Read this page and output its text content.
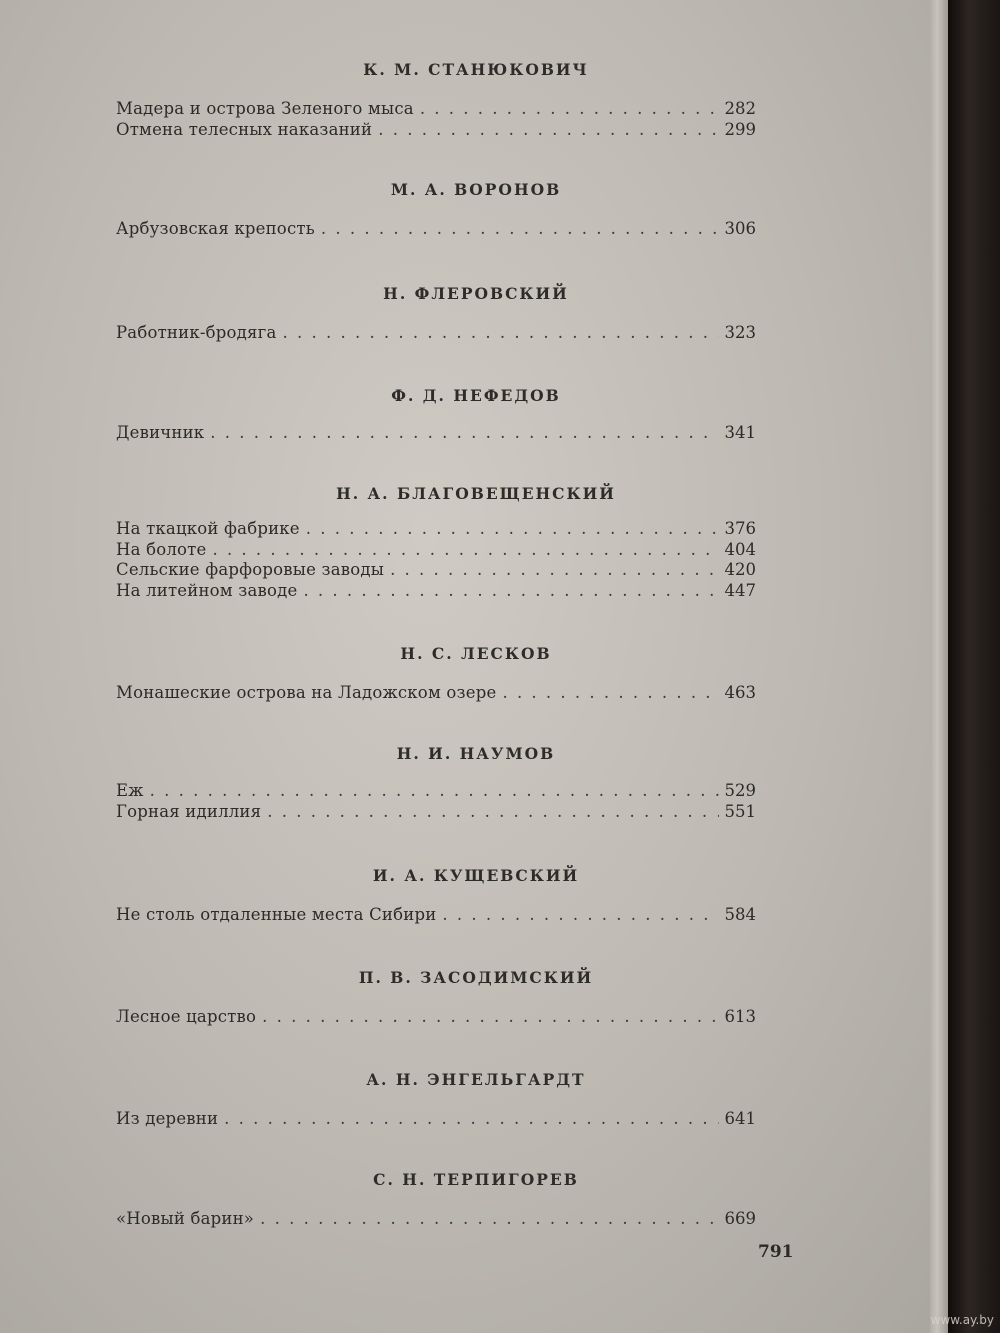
К. М. СТАНЮКОВИЧ

Мадера и острова Зеленого мыса . . .	282
Отмена телесных наказаний . . .	299

М. А. ВОРОНОВ

Арбузовская крепость . . .	306

Н. ФЛЕРОВСКИЙ

Работник-бродяга . . .	323

Ф. Д. НЕФЕДОВ

Девичник . . .	341

Н. А. БЛАГОВЕЩЕНСКИЙ

На ткацкой фабрике . . .	376
На болоте . . .	404
Сельские фарфоровые заводы . . .	420
На литейном заводе . . .	447

Н. С. ЛЕСКОВ

Монашеские острова на Ладожском озере . . .	463

Н. И. НАУМОВ

Еж . . .	529
Горная идиллия . . .	551

И. А. КУЩЕВСКИЙ

Не столь отдаленные места Сибири . . .	584

П. В. ЗАСОДИМСКИЙ

Лесное царство . . .	613

А. Н. ЭНГЕЛЬГАРДТ

Из деревни . . .	641

С. Н. ТЕРПИГОРЕВ

«Новый барин» . . .	669
791
www.ay.by
